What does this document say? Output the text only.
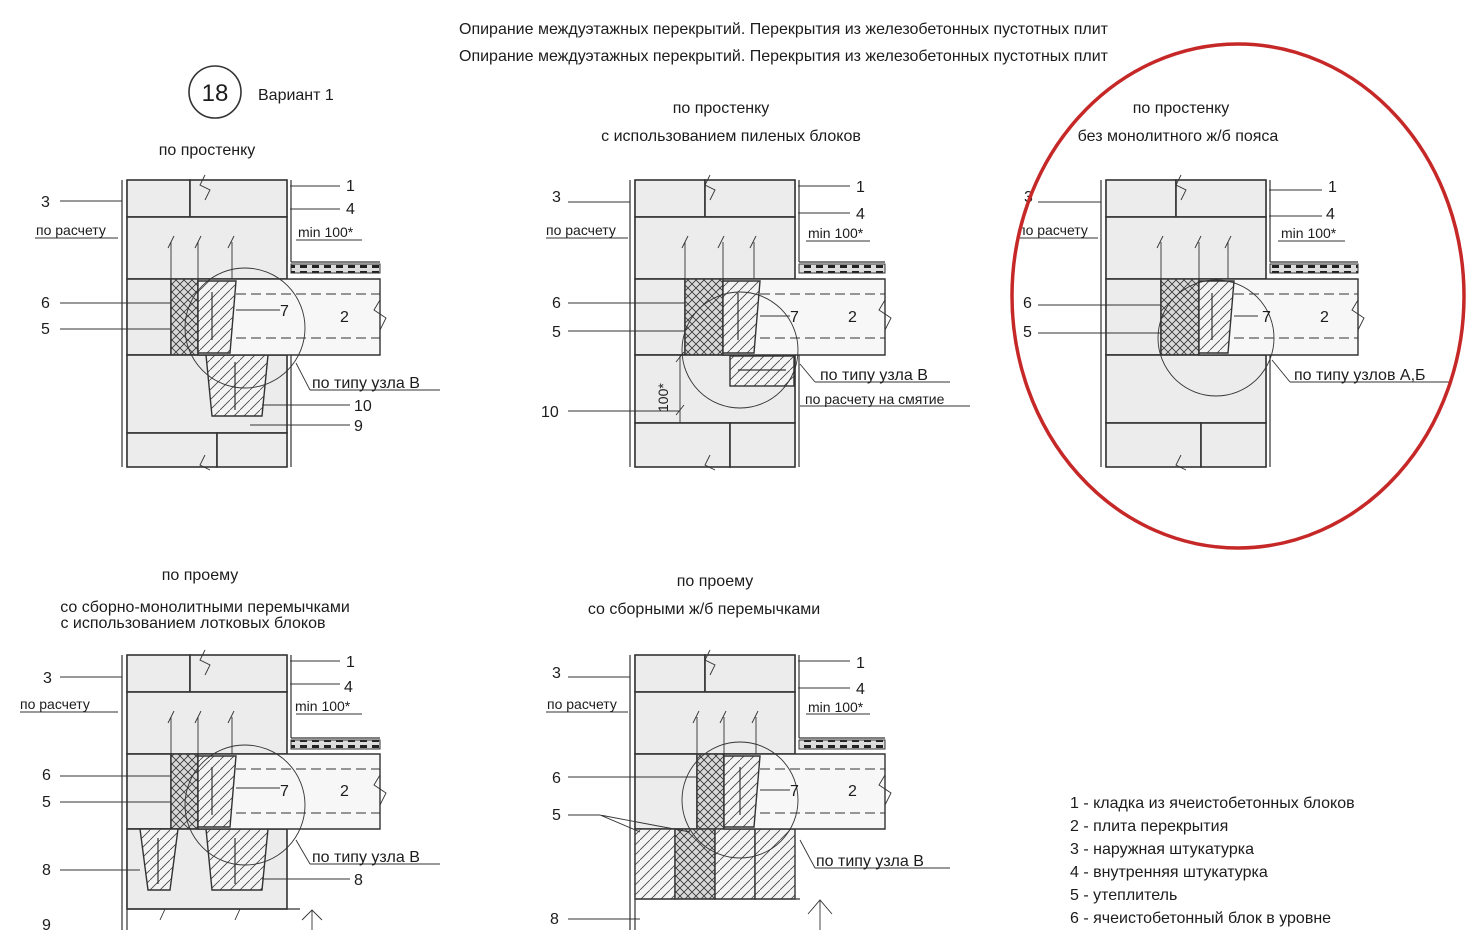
Опирание междуэтажных перекрытий. Перекрытия из железобетонных пустотных плит
Опирание междуэтажных перекрытий. Перекрытия из железобетонных пустотных плит
18 Вариант 1
по простенку
3
1
4
по расчету	min 100*
6
5
7	2
по типу узла В
10
9
по простенку
с использованием пиленых блоков
3
1
4
по расчету	min 100*
6
5
7	2
по типу узла В
по расчету на смятие
10
100*
по простенку
без монолитного ж/б пояса
3
1
4
по расчету	min 100*
6
5
7	2
по типу узлов А,Б
по проему
со сборно-монолитными перемычками
с использованием лотковых блоков
3
1
4
по расчету	min 100*
6
5
7	2
по типу узла В
8
8
9
по проему
со сборными ж/б перемычками
3
1
4
по расчету	min 100*
6
5
7	2
по типу узла В
8
1 - кладка из ячеистобетонных блоков
2 - плита перекрытия
3 - наружная штукатурка
4 - внутренняя штукатурка
5 - утеплитель
6 - ячеистобетонный блок в уровне
